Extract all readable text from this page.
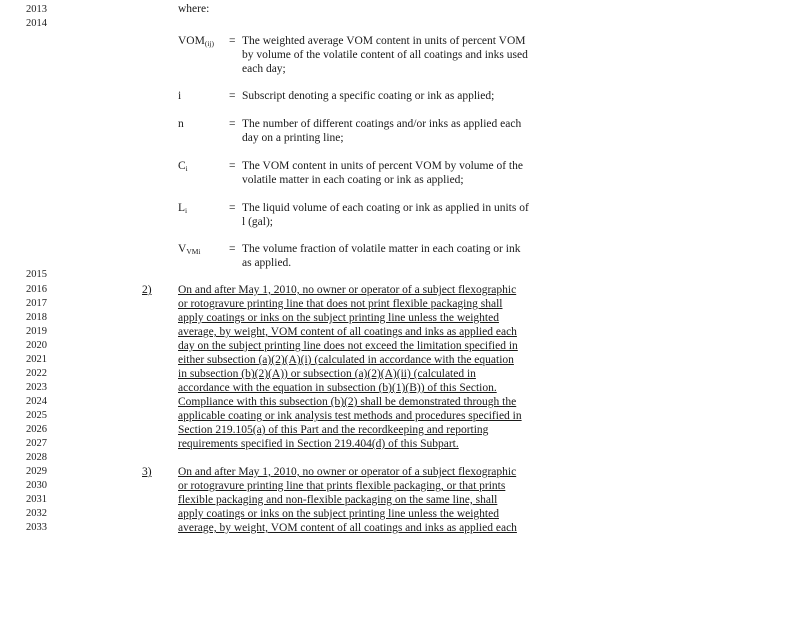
2013
2014
2015
2016
2017
2018
2019
2020
2021
2022
2023
2024
2025
2026
2027
2028
2029
2030
2031
2032
2033
where:
$VOM_{(ij)}$ = The weighted average VOM content in units of percent VOM
by volume of the volatile content of all coatings and inks used
each day;
i	= Subscript denoting a specific coating or ink as applied;
n	= The number of different coatings and/or inks as applied each
day on a printing line;
$C_i$	= The VOM content in units of percent VOM by volume of the
volatile matter in each coating or ink as applied;
$L_i$	= The liquid volume of each coating or ink as applied in units of
l (gal);
$V_{VMi}$ = The volume fraction of volatile matter in each coating or ink
as applied.
2) On and after May 1, 2010, no owner or operator of a subject flexographic
or rotogravure printing line that does not print flexible packaging shall
apply coatings or inks on the subject printing line unless the weighted
average, by weight, VOM content of all coatings and inks as applied each
day on the subject printing line does not exceed the limitation specified in
either subsection (a)(2)(A)(i) (calculated in accordance with the equation
in subsection (b)(2)(A)) or subsection (a)(2)(A)(ii) (calculated in
accordance with the equation in subsection (b)(1)(B)) of this Section.
Compliance with this subsection (b)(2) shall be demonstrated through the
applicable coating or ink analysis test methods and procedures specified in
Section 219.105(a) of this Part and the recordkeeping and reporting
requirements specified in Section 219.404(d) of this Subpart.
3) On and after May 1, 2010, no owner or operator of a subject flexographic
or rotogravure printing line that prints flexible packaging, or that prints
flexible packaging and non-flexible packaging on the same line, shall
apply coatings or inks on the subject printing line unless the weighted
average, by weight, VOM content of all coatings and inks as applied each
